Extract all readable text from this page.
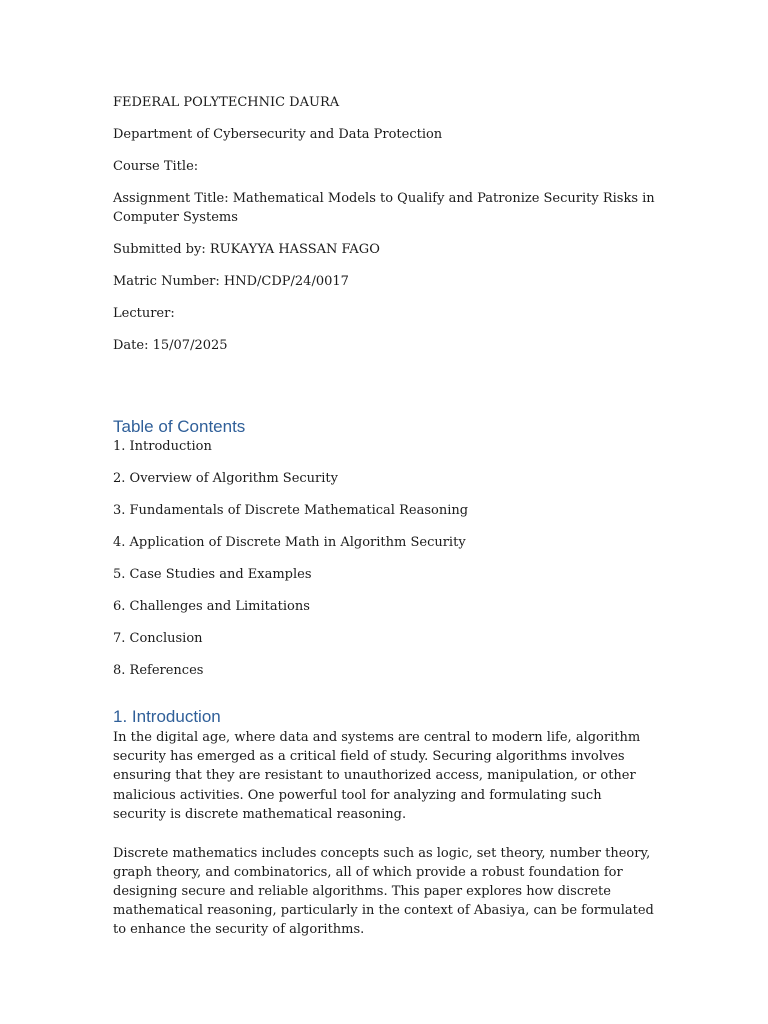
FEDERAL POLYTECHNIC DAURA

Department of Cybersecurity and Data Protection

Course Title:

Assignment Title: Mathematical Models to Qualify and Patronize Security Risks in Computer Systems

Submitted by: RUKAYYA HASSAN FAGO

Matric Number: HND/CDP/24/0017

Lecturer:

Date: 15/07/2025

Table of Contents

1. Introduction

2. Overview of Algorithm Security

3. Fundamentals of Discrete Mathematical Reasoning

4. Application of Discrete Math in Algorithm Security

5. Case Studies and Examples

6. Challenges and Limitations

7. Conclusion

8. References

1. Introduction

In the digital age, where data and systems are central to modern life, algorithm security has emerged as a critical field of study. Securing algorithms involves ensuring that they are resistant to unauthorized access, manipulation, or other malicious activities. One powerful tool for analyzing and formulating such security is discrete mathematical reasoning.

Discrete mathematics includes concepts such as logic, set theory, number theory, graph theory, and combinatorics, all of which provide a robust foundation for designing secure and reliable algorithms. This paper explores how discrete mathematical reasoning, particularly in the context of Abasiya, can be formulated to enhance the security of algorithms.
